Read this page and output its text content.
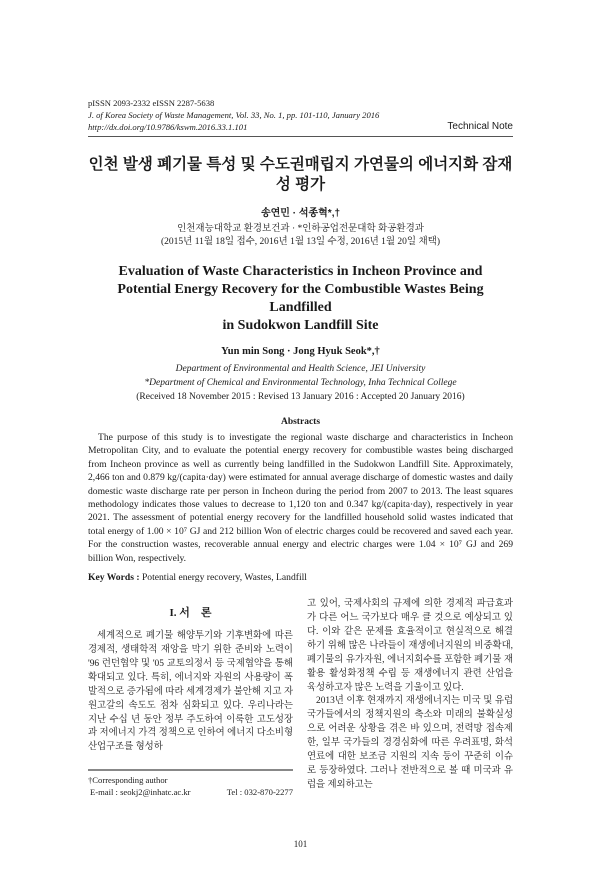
pISSN 2093-2332 eISSN 2287-5638
J. of Korea Society of Waste Management, Vol. 33, No. 1, pp. 101-110, January 2016
http://dx.doi.org/10.9786/kswm.2016.33.1.101	Technical Note
인천 발생 폐기물 특성 및 수도권매립지 가연물의 에너지화 잠재성 평가
송연민 · 석종혁*,†
인천재능대학교 환경보건과 · *인하공업전문대학 화공환경과
(2015년 11월 18일 접수, 2016년 1월 13일 수정, 2016년 1월 20일 채택)
Evaluation of Waste Characteristics in Incheon Province and
Potential Energy Recovery for the Combustible Wastes Being Landfilled
in Sudokwon Landfill Site
Yun min Song · Jong Hyuk Seok*,†
Department of Environmental and Health Science, JEI University
*Department of Chemical and Environmental Technology, Inha Technical College
(Received 18 November 2015 : Revised 13 January 2016 : Accepted 20 January 2016)
Abstracts

The purpose of this study is to investigate the regional waste discharge and characteristics in Incheon Metropolitan City, and to evaluate the potential energy recovery for combustible wastes being discharged from Incheon province as well as currently being landfilled in the Sudokwon Landfill Site. Approximately, 2,466 ton and 0.879 kg/(capita·day) were estimated for annual average discharge of domestic wastes and daily domestic waste discharge rate per person in Incheon during the period from 2007 to 2013. The least squares methodology indicates those values to decrease to 1,120 ton and 0.347 kg/(capita·day), respectively in year 2021. The assessment of potential energy recovery for the landfilled household solid wastes indicated that total energy of 1.00 × 10⁷ GJ and 212 billion Won of electric charges could be recovered and saved each year. For the construction wastes, recoverable annual energy and electric charges were 1.04 × 10⁷ GJ and 269 billion Won, respectively.

Key Words : Potential energy recovery, Wastes, Landfill
I. 서　론

세계적으로 폐기물 해양투기와 기후변화에 따른 경제적, 생태학적 재앙을 막기 위한 준비와 노력이 '96 런던협약 및 '05 교토의정서 등 국제협약을 통해 확대되고 있다. 특히, 에너지와 자원의 사용량이 폭발적으로 증가됨에 따라 세계경제가 불안해 지고 자원고갈의 속도도 점차 심화되고 있다. 우리나라는 지난 수십 년 동안 정부 주도하여 이룩한 고도성장과 저에너지 가격 정책으로 인하여 에너지 다소비형 산업구조를 형성하

†Corresponding author
E-mail : seokj2@inhatc.ac.kr	Tel : 032-870-2277

고 있어, 국제사회의 규제에 의한 경제적 파급효과가 다른 어느 국가보다 매우 클 것으로 예상되고 있다. 이와 같은 문제를 효율적이고 현실적으로 해결하기 위해 많은 나라들이 재생에너지원의 비중확대, 폐기물의 유가자원, 에너지회수를 포함한 폐기물 재활용 활성화정책 수립 등 재생에너지 관련 산업을 육성하고자 많은 노력을 기울이고 있다.

2013년 이후 현재까지 재생에너지는 미국 및 유럽 국가들에서의 정책지원의 축소와 미래의 불확실성으로 어려운 상황을 겪은 바 있으며, 전력망 접속제한, 일부 국가들의 경경심화에 따른 우려표명, 화석연료에 대한 보조금 지원의 지속 등이 꾸준히 이슈로 등장하였다. 그러나 전반적으로 볼 때 미국과 유럽을 제외하고는

101
